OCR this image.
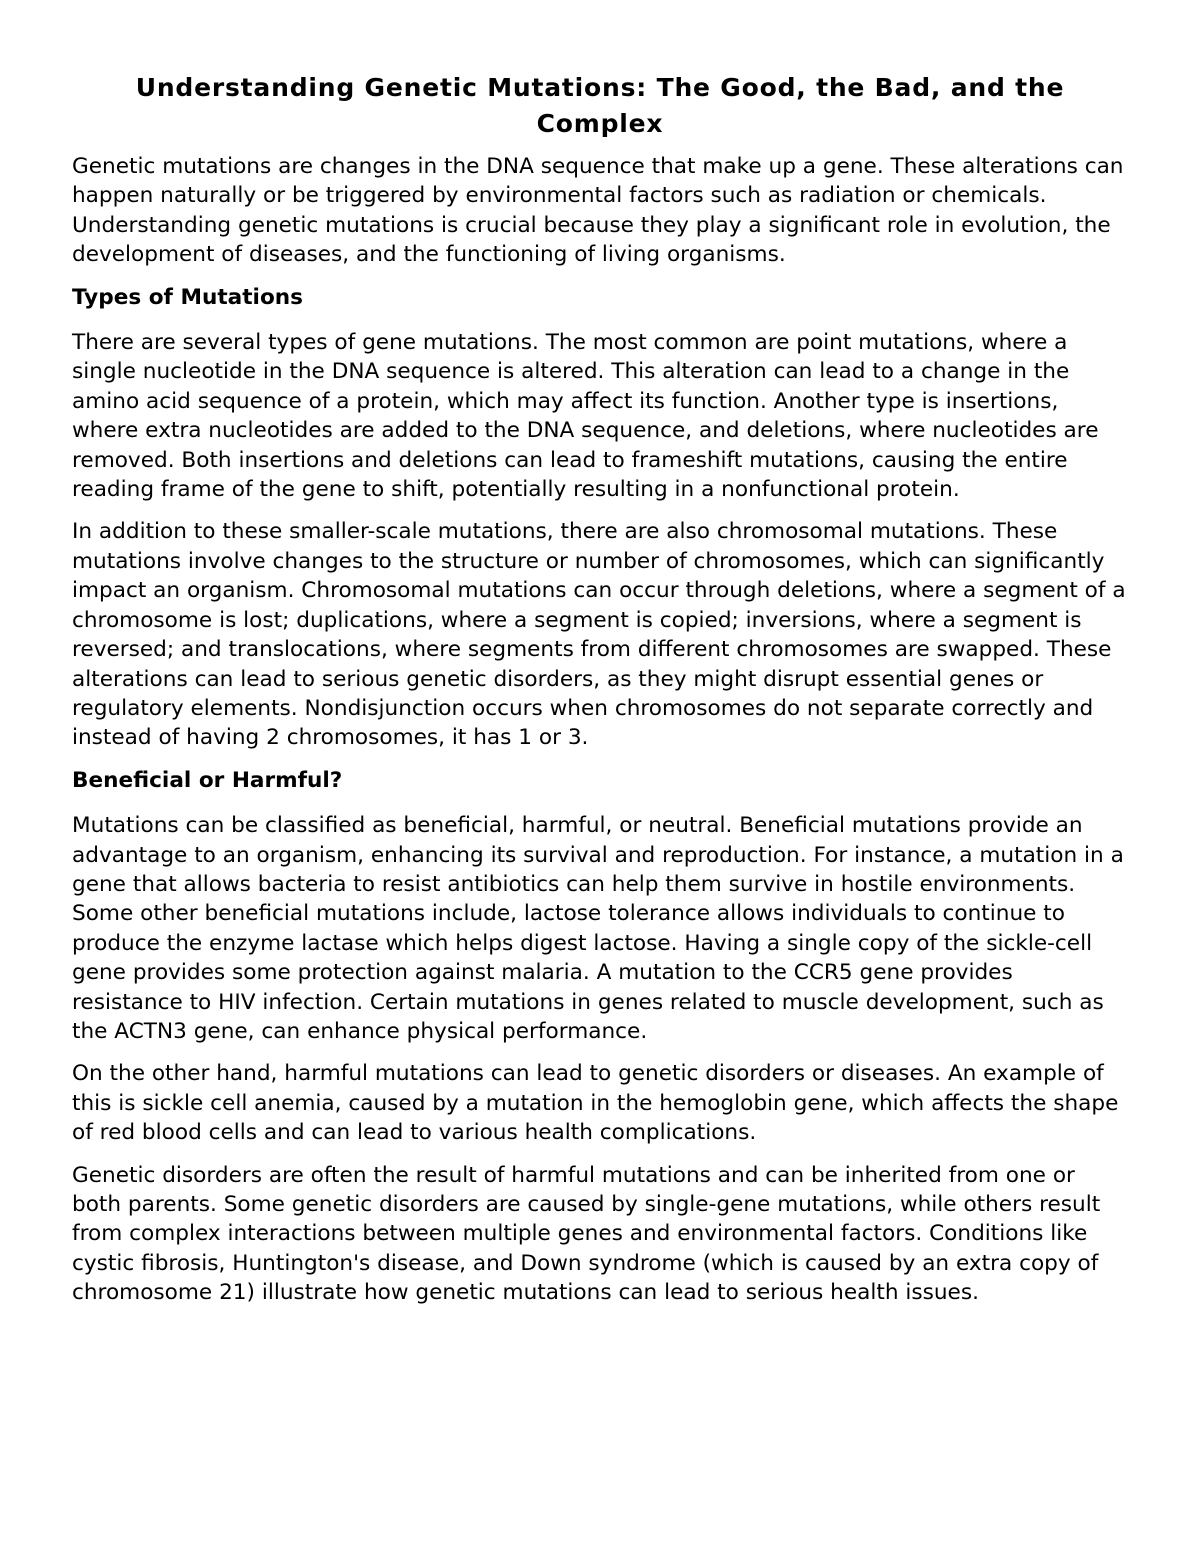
Understanding Genetic Mutations: The Good, the Bad, and the Complex

Genetic mutations are changes in the DNA sequence that make up a gene. These alterations can happen naturally or be triggered by environmental factors such as radiation or chemicals. Understanding genetic mutations is crucial because they play a significant role in evolution, the development of diseases, and the functioning of living organisms.

Types of Mutations

There are several types of gene mutations. The most common are point mutations, where a single nucleotide in the DNA sequence is altered. This alteration can lead to a change in the amino acid sequence of a protein, which may affect its function. Another type is insertions, where extra nucleotides are added to the DNA sequence, and deletions, where nucleotides are removed. Both insertions and deletions can lead to frameshift mutations, causing the entire reading frame of the gene to shift, potentially resulting in a nonfunctional protein.

In addition to these smaller-scale mutations, there are also chromosomal mutations. These mutations involve changes to the structure or number of chromosomes, which can significantly impact an organism. Chromosomal mutations can occur through deletions, where a segment of a chromosome is lost; duplications, where a segment is copied; inversions, where a segment is reversed; and translocations, where segments from different chromosomes are swapped. These alterations can lead to serious genetic disorders, as they might disrupt essential genes or regulatory elements. Nondisjunction occurs when chromosomes do not separate correctly and instead of having 2 chromosomes, it has 1 or 3.

Beneficial or Harmful?

Mutations can be classified as beneficial, harmful, or neutral. Beneficial mutations provide an advantage to an organism, enhancing its survival and reproduction. For instance, a mutation in a gene that allows bacteria to resist antibiotics can help them survive in hostile environments. Some other beneficial mutations include, lactose tolerance allows individuals to continue to produce the enzyme lactase which helps digest lactose. Having a single copy of the sickle-cell gene provides some protection against malaria. A mutation to the CCR5 gene provides resistance to HIV infection. Certain mutations in genes related to muscle development, such as the ACTN3 gene, can enhance physical performance.

On the other hand, harmful mutations can lead to genetic disorders or diseases. An example of this is sickle cell anemia, caused by a mutation in the hemoglobin gene, which affects the shape of red blood cells and can lead to various health complications.

Genetic disorders are often the result of harmful mutations and can be inherited from one or both parents. Some genetic disorders are caused by single-gene mutations, while others result from complex interactions between multiple genes and environmental factors. Conditions like cystic fibrosis, Huntington's disease, and Down syndrome (which is caused by an extra copy of chromosome 21) illustrate how genetic mutations can lead to serious health issues.
